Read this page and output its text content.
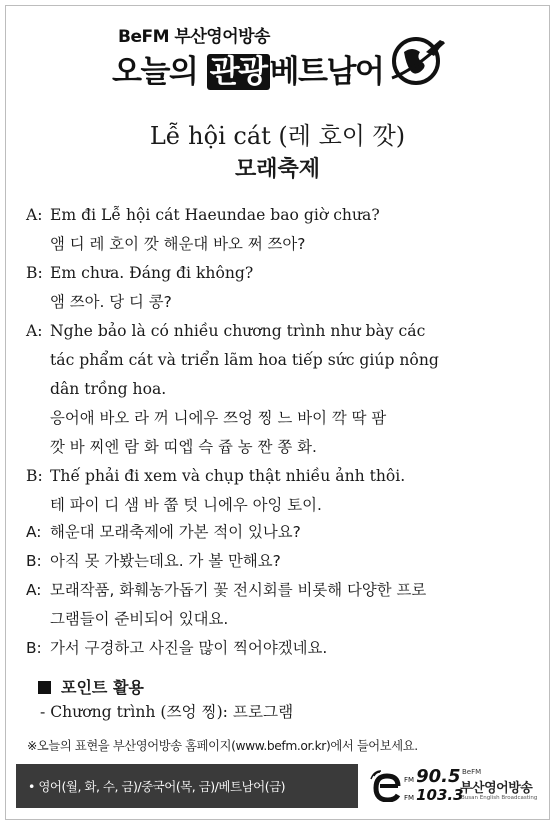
BeFM 부산영어방송
오늘의 관광베트남어
Lễ hội cát (레 호이 깟)
모래축제
A: Em đi Lễ hội cát Haeundae bao giờ chưa?
앰 디 레 호이 깟 해운대 바오 쩌 쯔아?
B: Em chưa. Đáng đi không?
앰 쯔아. 당 디 콩?
A: Nghe bảo là có nhiều chương trình như bày các
tác phẩm cát và triển lãm hoa tiếp sức giúp nông
dân trồng hoa.
응어애 바오 라 꺼 니에우 쯔엉 찡 느 바이 깍 딱 팜
깟 바 찌엔 람 화 띠엡 슥 쥽 농 짠 쫑 화.
B: Thế phải đi xem và chụp thật nhiều ảnh thôi.
테 파이 디 샘 바 쭙 텃 니에우 아잉 토이.
A: 해운대 모래축제에 가본 적이 있나요?
B: 아직 못 가봤는데요. 가 볼 만해요?
A: 모래작품, 화훼농가돕기 꽃 전시회를 비롯해 다양한 프로
그램들이 준비되어 있대요.
B: 가서 구경하고 사진을 많이 찍어야겠네요.
포인트 활용
- Chương trình (쯔엉 찡): 프로그램
※오늘의 표현을 부산영어방송 홈페이지(www.befm.or.kr)에서 들어보세요.
• 영어(월, 화, 수, 금)/중국어(목, 금)/베트남어(금)	FM 90.5
FM 103.3
BeFM
부산영어방송
Busan English Broadcasting
